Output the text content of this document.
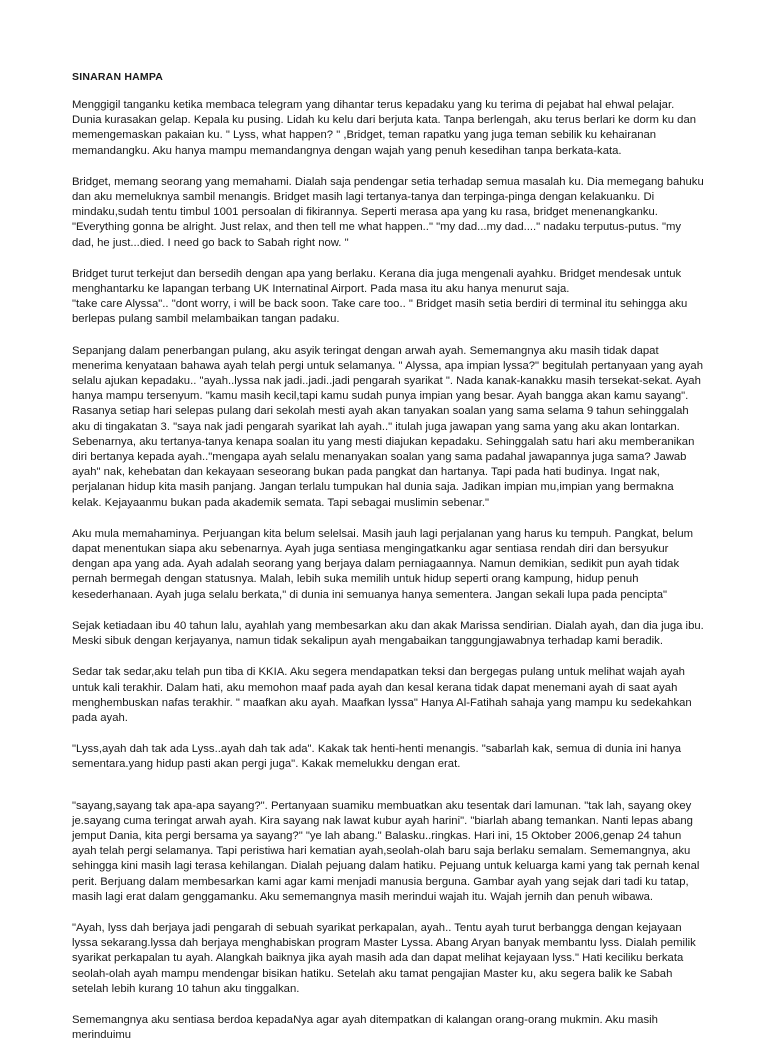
SINARAN HAMPA

Menggigil tanganku ketika membaca telegram yang dihantar terus kepadaku yang ku terima di pejabat hal ehwal pelajar. Dunia kurasakan gelap. Kepala ku pusing. Lidah ku kelu dari berjuta kata. Tanpa berlengah, aku terus berlari ke dorm ku dan memengemaskan pakaian ku. " Lyss, what happen? " ,Bridget, teman rapatku yang juga teman sebilik ku kehairanan memandangku. Aku hanya mampu memandangnya dengan wajah yang penuh kesedihan tanpa berkata-kata.

Bridget, memang seorang yang memahami. Dialah saja pendengar setia terhadap semua masalah ku. Dia memegang bahuku dan aku memeluknya sambil menangis. Bridget masih lagi tertanya-tanya dan terpinga-pinga dengan kelakuanku. Di mindaku,sudah tentu timbul 1001 persoalan di fikirannya. Seperti merasa apa yang ku rasa, bridget menenangkanku. "Everything gonna be alright. Just relax, and then tell me what happen.." "my dad...my dad...." nadaku terputus-putus. "my dad, he just...died. I need go back to Sabah right now. "

Bridget turut terkejut dan bersedih dengan apa yang berlaku. Kerana dia juga mengenali ayahku. Bridget mendesak untuk menghantarku ke lapangan terbang UK Internatinal Airport. Pada masa itu aku hanya menurut saja.

"take care Alyssa".. "dont worry, i will be back soon. Take care too.. " Bridget masih setia berdiri di terminal itu sehingga aku berlepas pulang sambil melambaikan tangan padaku.

Sepanjang dalam penerbangan pulang, aku asyik teringat dengan arwah ayah. Sememangnya aku masih tidak dapat menerima kenyataan bahawa ayah telah pergi untuk selamanya. " Alyssa, apa impian lyssa?" begitulah pertanyaan yang ayah selalu ajukan kepadaku.. "ayah..lyssa nak jadi..jadi..jadi pengarah syarikat ". Nada kanak-kanakku masih tersekat-sekat. Ayah hanya mampu tersenyum. "kamu masih kecil,tapi kamu sudah punya impian yang besar. Ayah bangga akan kamu sayang". Rasanya setiap hari selepas pulang dari sekolah mesti ayah akan tanyakan soalan yang sama selama 9 tahun sehinggalah aku di tingakatan 3. "saya nak jadi pengarah syarikat lah ayah.." itulah juga jawapan yang sama yang aku akan lontarkan. Sebenarnya, aku tertanya-tanya kenapa soalan itu yang mesti diajukan kepadaku. Sehinggalah satu hari aku memberanikan diri bertanya kepada ayah.."mengapa ayah selalu menanyakan soalan yang sama padahal jawapannya juga sama? Jawab ayah" nak, kehebatan dan kekayaan seseorang bukan pada pangkat dan hartanya. Tapi pada hati budinya. Ingat nak, perjalanan hidup kita masih panjang. Jangan terlalu tumpukan hal dunia saja. Jadikan impian mu,impian yang bermakna kelak. Kejayaanmu bukan pada akademik semata. Tapi sebagai muslimin sebenar."

Aku mula memahaminya. Perjuangan kita belum selelsai. Masih jauh lagi perjalanan yang harus ku tempuh. Pangkat, belum dapat menentukan siapa aku sebenarnya. Ayah juga sentiasa mengingatkanku agar sentiasa rendah diri dan bersyukur dengan apa yang ada. Ayah adalah seorang yang berjaya dalam perniagaannya. Namun demikian, sedikit pun ayah tidak pernah bermegah dengan statusnya. Malah, lebih suka memilih untuk hidup seperti orang kampung, hidup penuh kesederhanaan. Ayah juga selalu berkata," di dunia ini semuanya hanya sementera. Jangan sekali lupa pada pencipta"

Sejak ketiadaan ibu 40 tahun lalu, ayahlah yang membesarkan aku dan akak Marissa sendirian. Dialah ayah, dan dia juga ibu. Meski sibuk dengan kerjayanya, namun tidak sekalipun ayah mengabaikan tanggungjawabnya terhadap kami beradik.

Sedar tak sedar,aku telah pun tiba di KKIA. Aku segera mendapatkan teksi dan bergegas pulang untuk melihat wajah ayah untuk kali terakhir. Dalam hati, aku memohon maaf pada ayah dan kesal kerana tidak dapat menemani ayah di saat ayah menghembuskan nafas terakhir. " maafkan aku ayah. Maafkan lyssa" Hanya Al-Fatihah sahaja yang mampu ku sedekahkan pada ayah.

"Lyss,ayah dah tak ada Lyss..ayah dah tak ada". Kakak tak henti-henti menangis. "sabarlah kak, semua di dunia ini hanya sementara.yang hidup pasti akan pergi juga". Kakak memelukku dengan erat.

"sayang,sayang tak apa-apa sayang?". Pertanyaan suamiku membuatkan aku tesentak dari lamunan. "tak lah, sayang okey je.sayang cuma teringat arwah ayah. Kira sayang nak lawat kubur ayah harini". "biarlah abang temankan. Nanti lepas abang jemput Dania, kita pergi bersama ya sayang?" "ye lah abang." Balasku..ringkas. Hari ini, 15 Oktober 2006,genap 24 tahun ayah telah pergi selamanya. Tapi peristiwa hari kematian ayah,seolah-olah baru saja berlaku semalam. Sememangnya, aku sehingga kini masih lagi terasa kehilangan. Dialah pejuang dalam hatiku. Pejuang untuk keluarga kami yang tak pernah kenal perit. Berjuang dalam membesarkan kami agar kami menjadi manusia berguna. Gambar ayah yang sejak dari tadi ku tatap, masih lagi erat dalam genggamanku. Aku sememangnya masih merindui wajah itu. Wajah jernih dan penuh wibawa.

"Ayah, lyss dah berjaya jadi pengarah di sebuah syarikat perkapalan, ayah.. Tentu ayah turut berbangga dengan kejayaan lyssa sekarang.lyssa dah berjaya menghabiskan program Master Lyssa. Abang Aryan banyak membantu lyss. Dialah pemilik syarikat perkapalan tu ayah. Alangkah baiknya jika ayah masih ada dan dapat melihat kejayaan lyss." Hati keciliku berkata seolah-olah ayah mampu mendengar bisikan hatiku. Setelah aku tamat pengajian Master ku, aku segera balik ke Sabah setelah lebih kurang 10 tahun aku tinggalkan.

Sememangnya aku sentiasa berdoa kepadaNya agar ayah ditempatkan di kalangan orang-orang mukmin. Aku masih merinduimu
